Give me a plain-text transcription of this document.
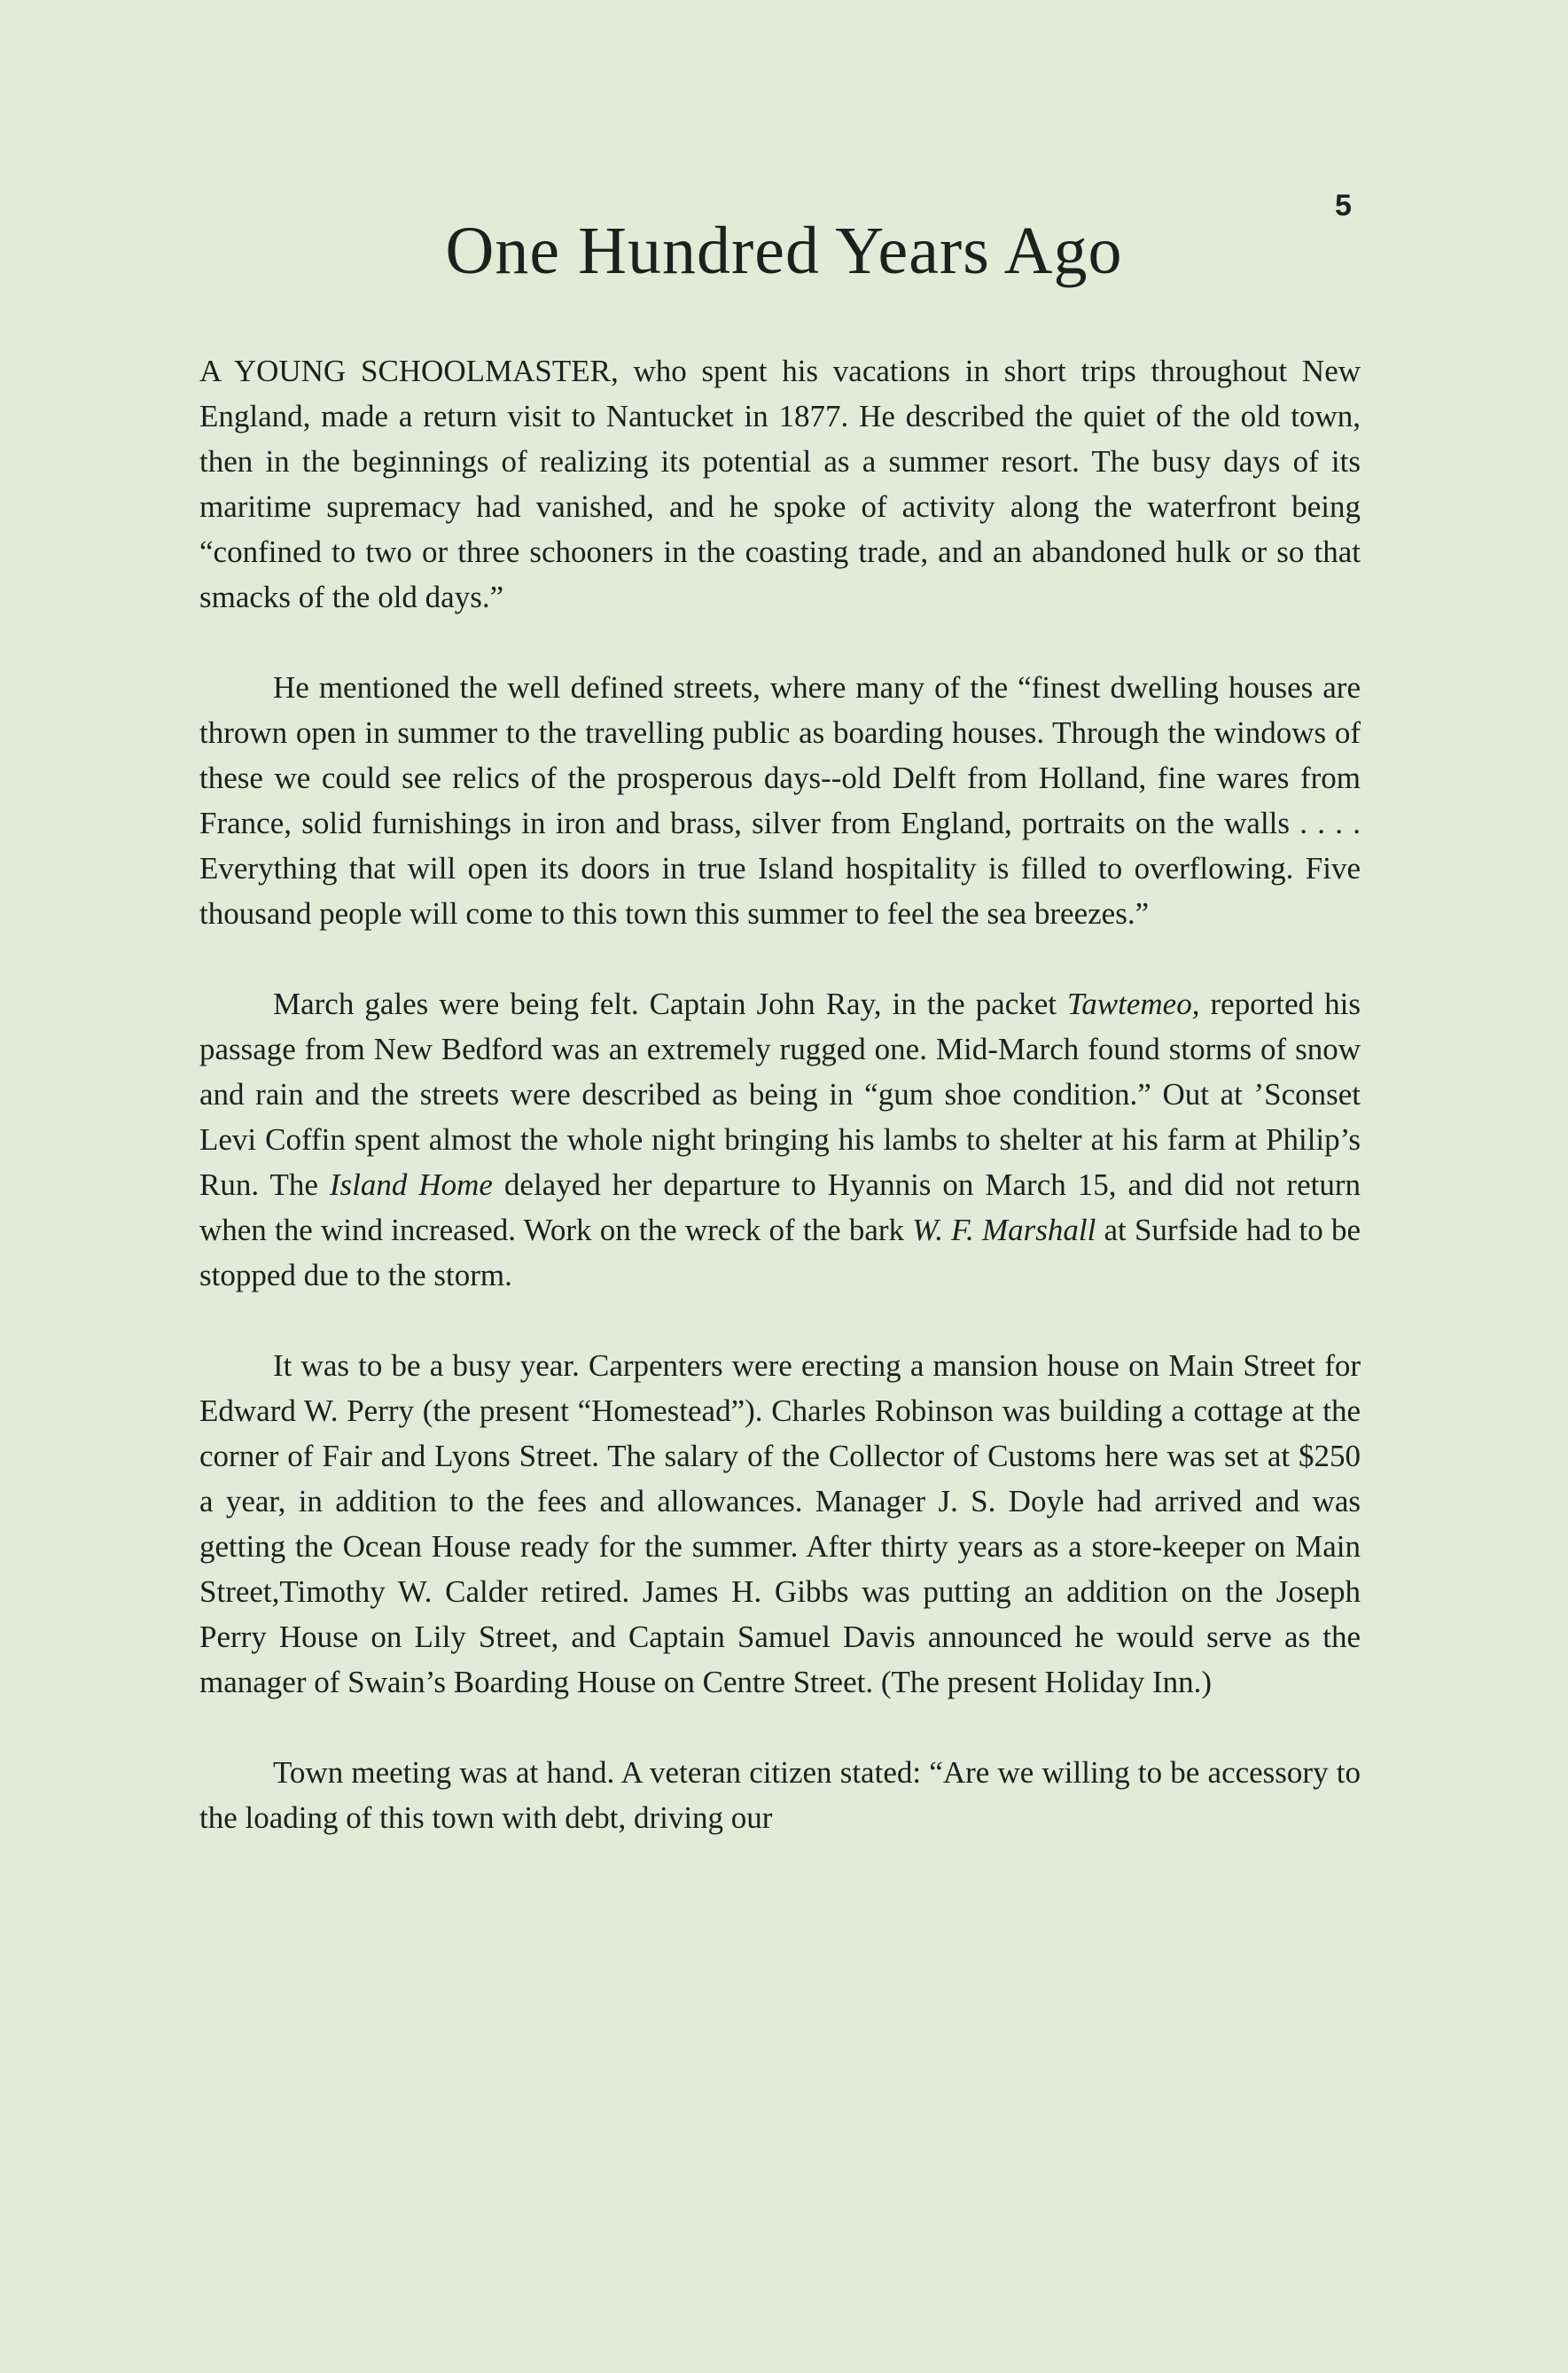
5
One Hundred Years Ago

A YOUNG SCHOOLMASTER, who spent his vacations in short trips throughout New England, made a return visit to Nantucket in 1877. He described the quiet of the old town, then in the beginnings of realizing its potential as a summer resort. The busy days of its maritime supremacy had vanished, and he spoke of activity along the waterfront being “confined to two or three schooners in the coasting trade, and an abandoned hulk or so that smacks of the old days.”

He mentioned the well defined streets, where many of the “finest dwelling houses are thrown open in summer to the travelling public as boarding houses. Through the windows of these we could see relics of the prosperous days--old Delft from Holland, fine wares from France, solid furnishings in iron and brass, silver from England, portraits on the walls . . . . Everything that will open its doors in true Island hospitality is filled to overflowing. Five thousand people will come to this town this summer to feel the sea breezes.”

March gales were being felt. Captain John Ray, in the packet Tawtemeo, reported his passage from New Bedford was an extremely rugged one. Mid-March found storms of snow and rain and the streets were described as being in “gum shoe condition.” Out at ’Sconset Levi Coffin spent almost the whole night bringing his lambs to shelter at his farm at Philip’s Run. The Island Home delayed her departure to Hyannis on March 15, and did not return when the wind increased. Work on the wreck of the bark W. F. Marshall at Surfside had to be stopped due to the storm.

It was to be a busy year. Carpenters were erecting a mansion house on Main Street for Edward W. Perry (the present “Homestead”). Charles Robinson was building a cottage at the corner of Fair and Lyons Street. The salary of the Collector of Customs here was set at $250 a year, in addition to the fees and allowances. Manager J. S. Doyle had arrived and was getting the Ocean House ready for the summer. After thirty years as a store-keeper on Main Street,Timothy W. Calder retired. James H. Gibbs was putting an addition on the Joseph Perry House on Lily Street, and Captain Samuel Davis announced he would serve as the manager of Swain’s Boarding House on Centre Street. (The present Holiday Inn.)

Town meeting was at hand. A veteran citizen stated: “Are we willing to be accessory to the loading of this town with debt, driving our
